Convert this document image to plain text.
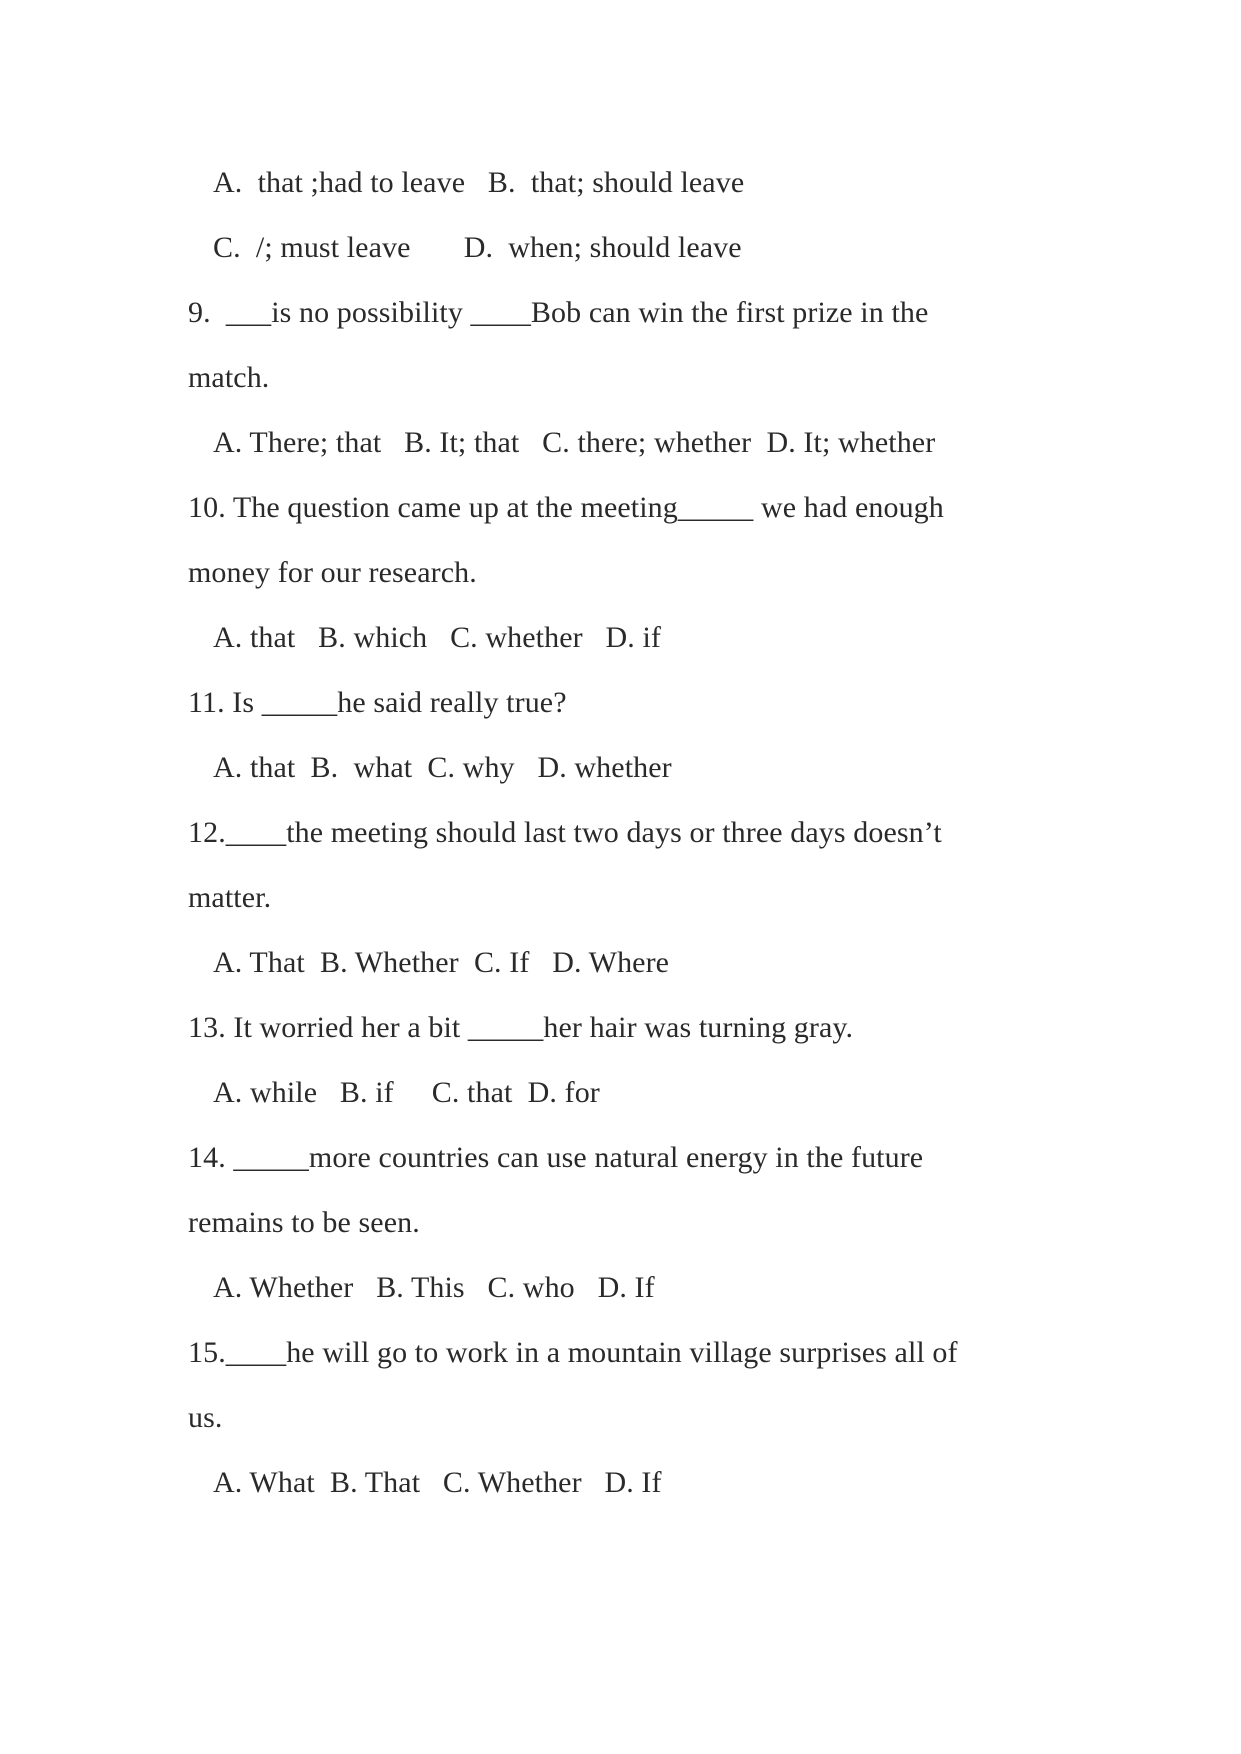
A.  that ;had to leave   B.  that; should leave
C.  /; must leave       D.  when; should leave
9.  ___is no possibility ____Bob can win the first prize in the
match.
A. There; that   B. It; that   C. there; whether  D. It; whether
10. The question came up at the meeting_____ we had enough
money for our research.
A. that   B. which   C. whether   D. if
11. Is _____he said really true?
A. that  B.  what  C. why   D. whether
12.____the meeting should last two days or three days doesn’t
matter.
A. That  B. Whether  C. If   D. Where
13. It worried her a bit _____her hair was turning gray.
A. while   B. if     C. that  D. for
14. _____more countries can use natural energy in the future
remains to be seen.
A. Whether   B. This   C. who   D. If
15.____he will go to work in a mountain village surprises all of
us.
A. What  B. That   C. Whether   D. If
